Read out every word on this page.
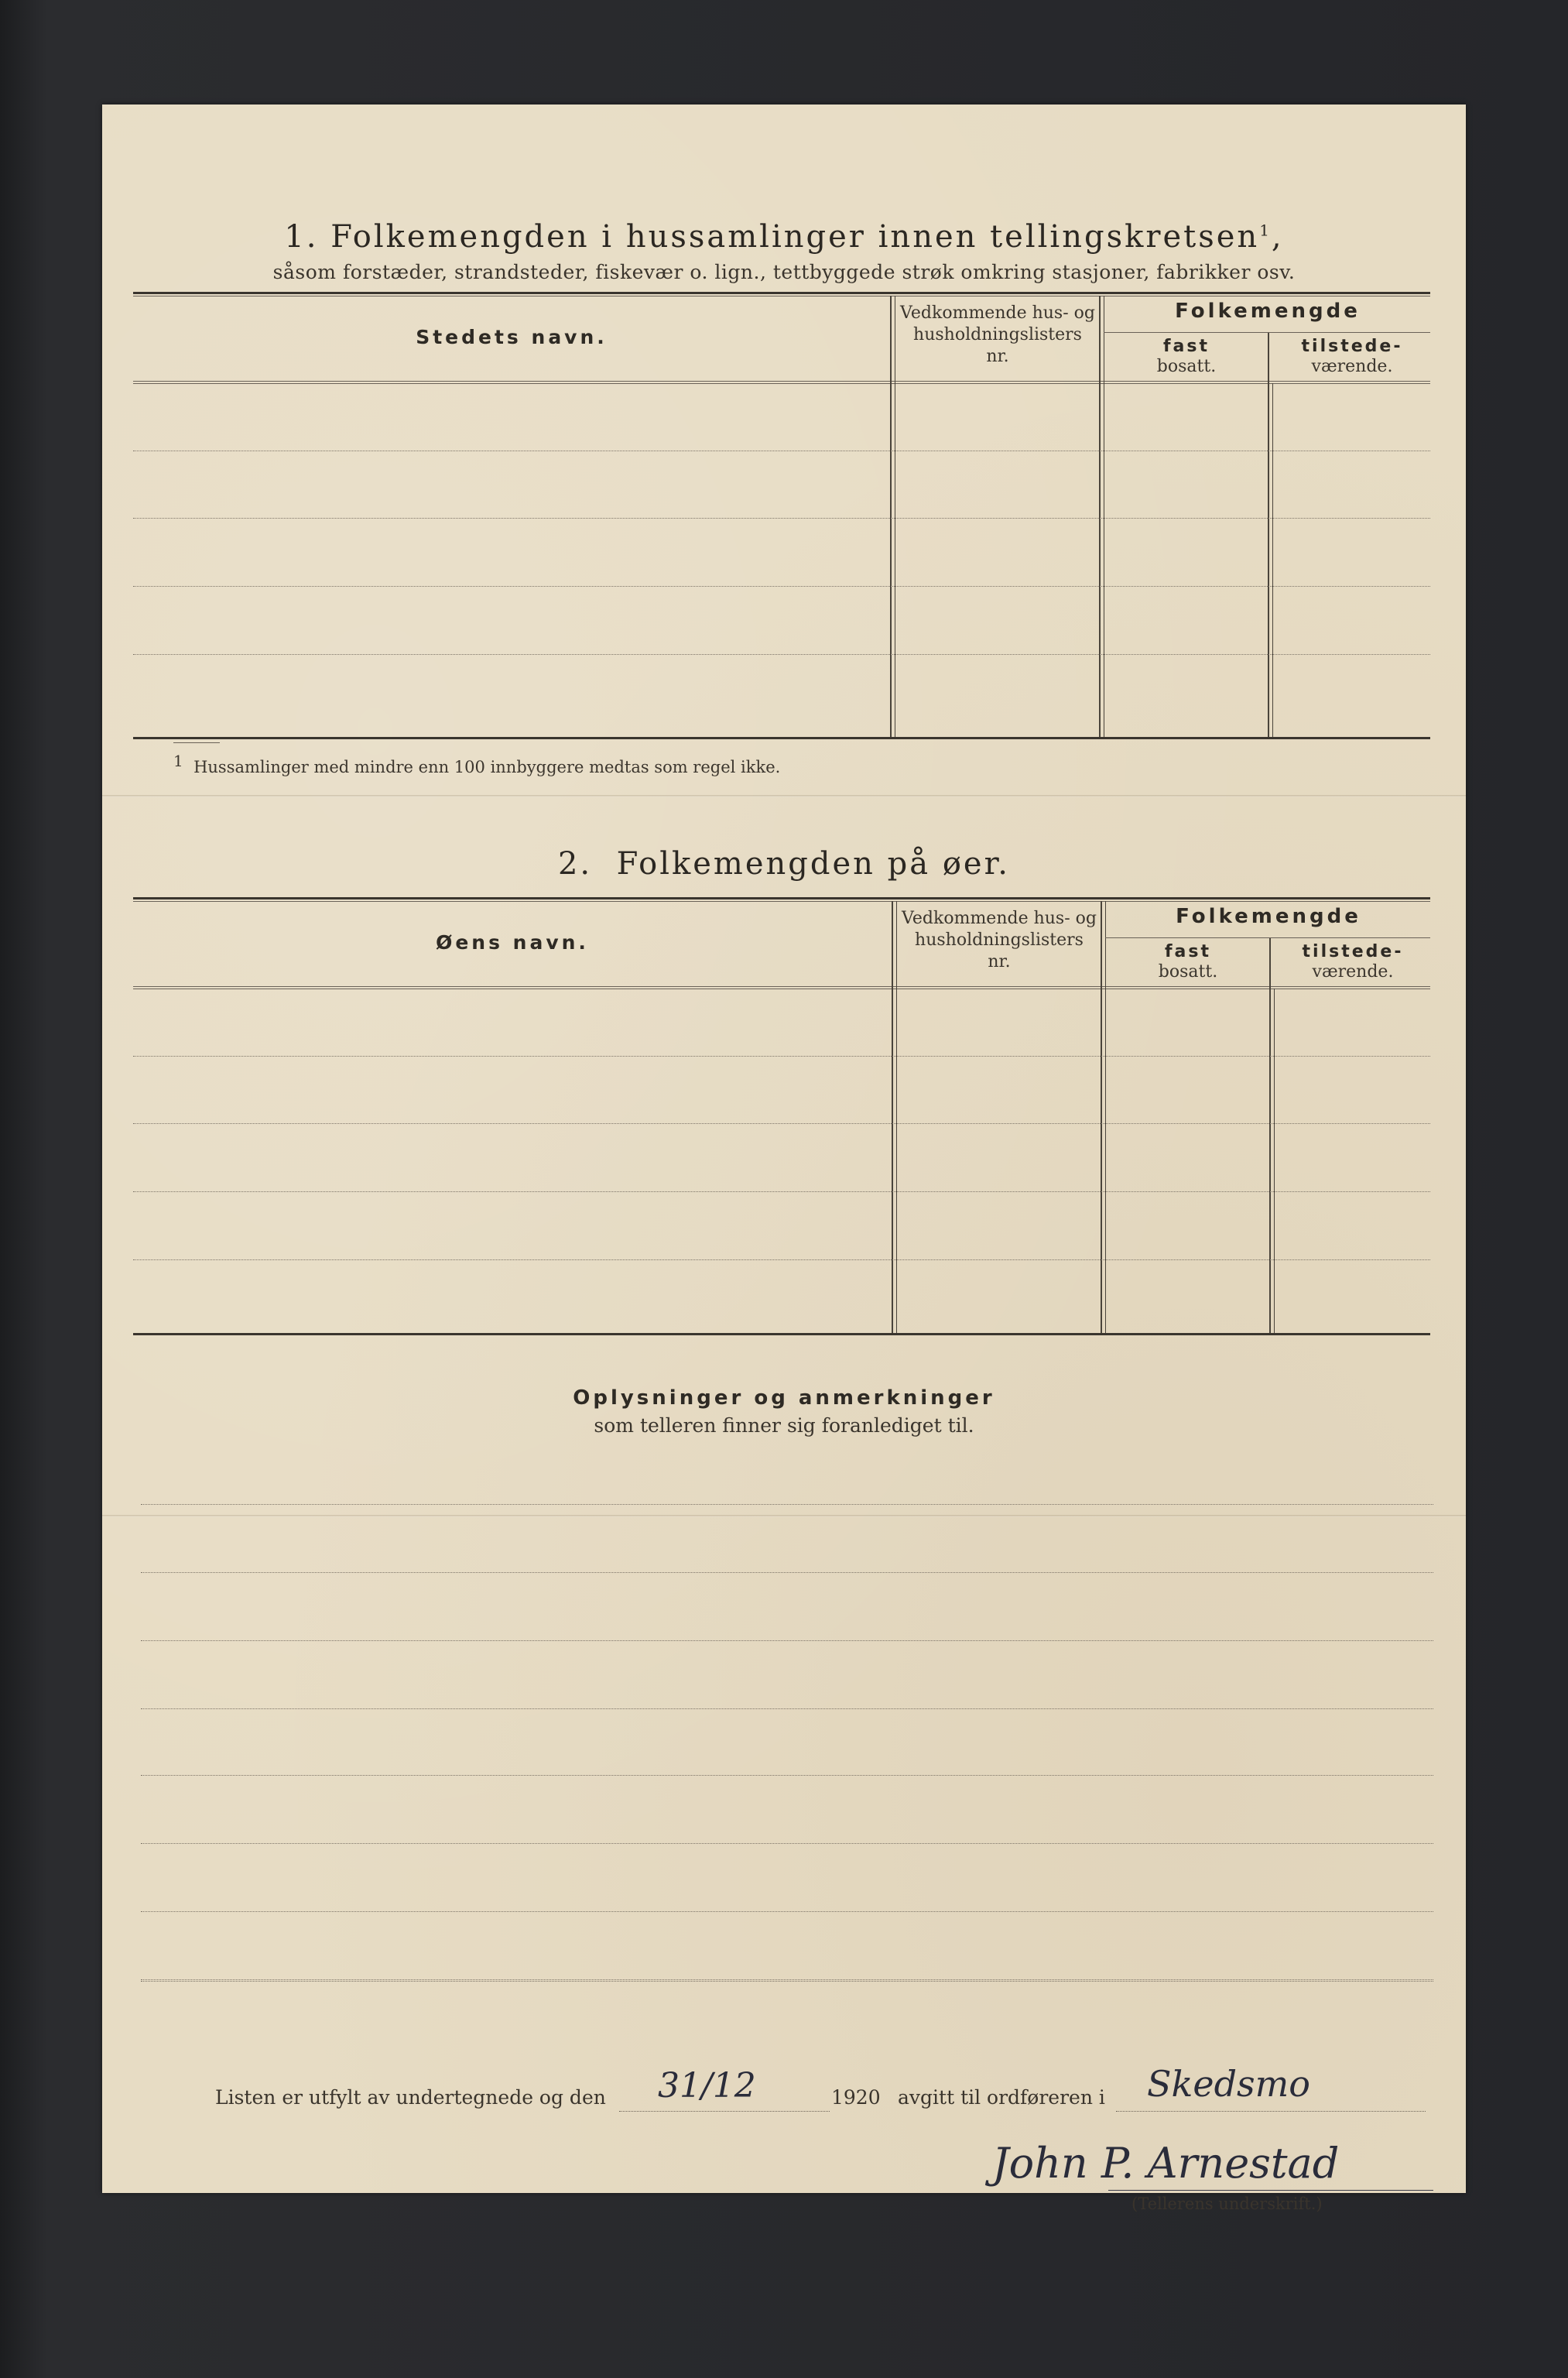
1. Folkemengden i hussamlinger innen tellingskretsen$^1$,
såsom forstæder, strandsteder, fiskevær o. lign., tettbyggede strøk omkring stasjoner, fabrikker osv.
Stedets navn.
Vedkommende hus- og
husholdningslisters
nr.
Folkemengde
fast
bosatt.
tilstede-
værende.
$^1$ Hussamlinger med mindre enn 100 innbyggere medtas som regel ikke.
2. Folkemengden på øer.
Øens navn.
Vedkommende hus- og
husholdningslisters
nr.
Folkemengde
fast
bosatt.
tilstede-
værende.
Oplysninger og anmerkninger
som telleren finner sig foranlediget til.
Listen er utfylt av undertegnede og den 31/12	1920 avgitt til ordføreren i Skedsmo
John P. Arnestad
(Tellerens underskrift.)
